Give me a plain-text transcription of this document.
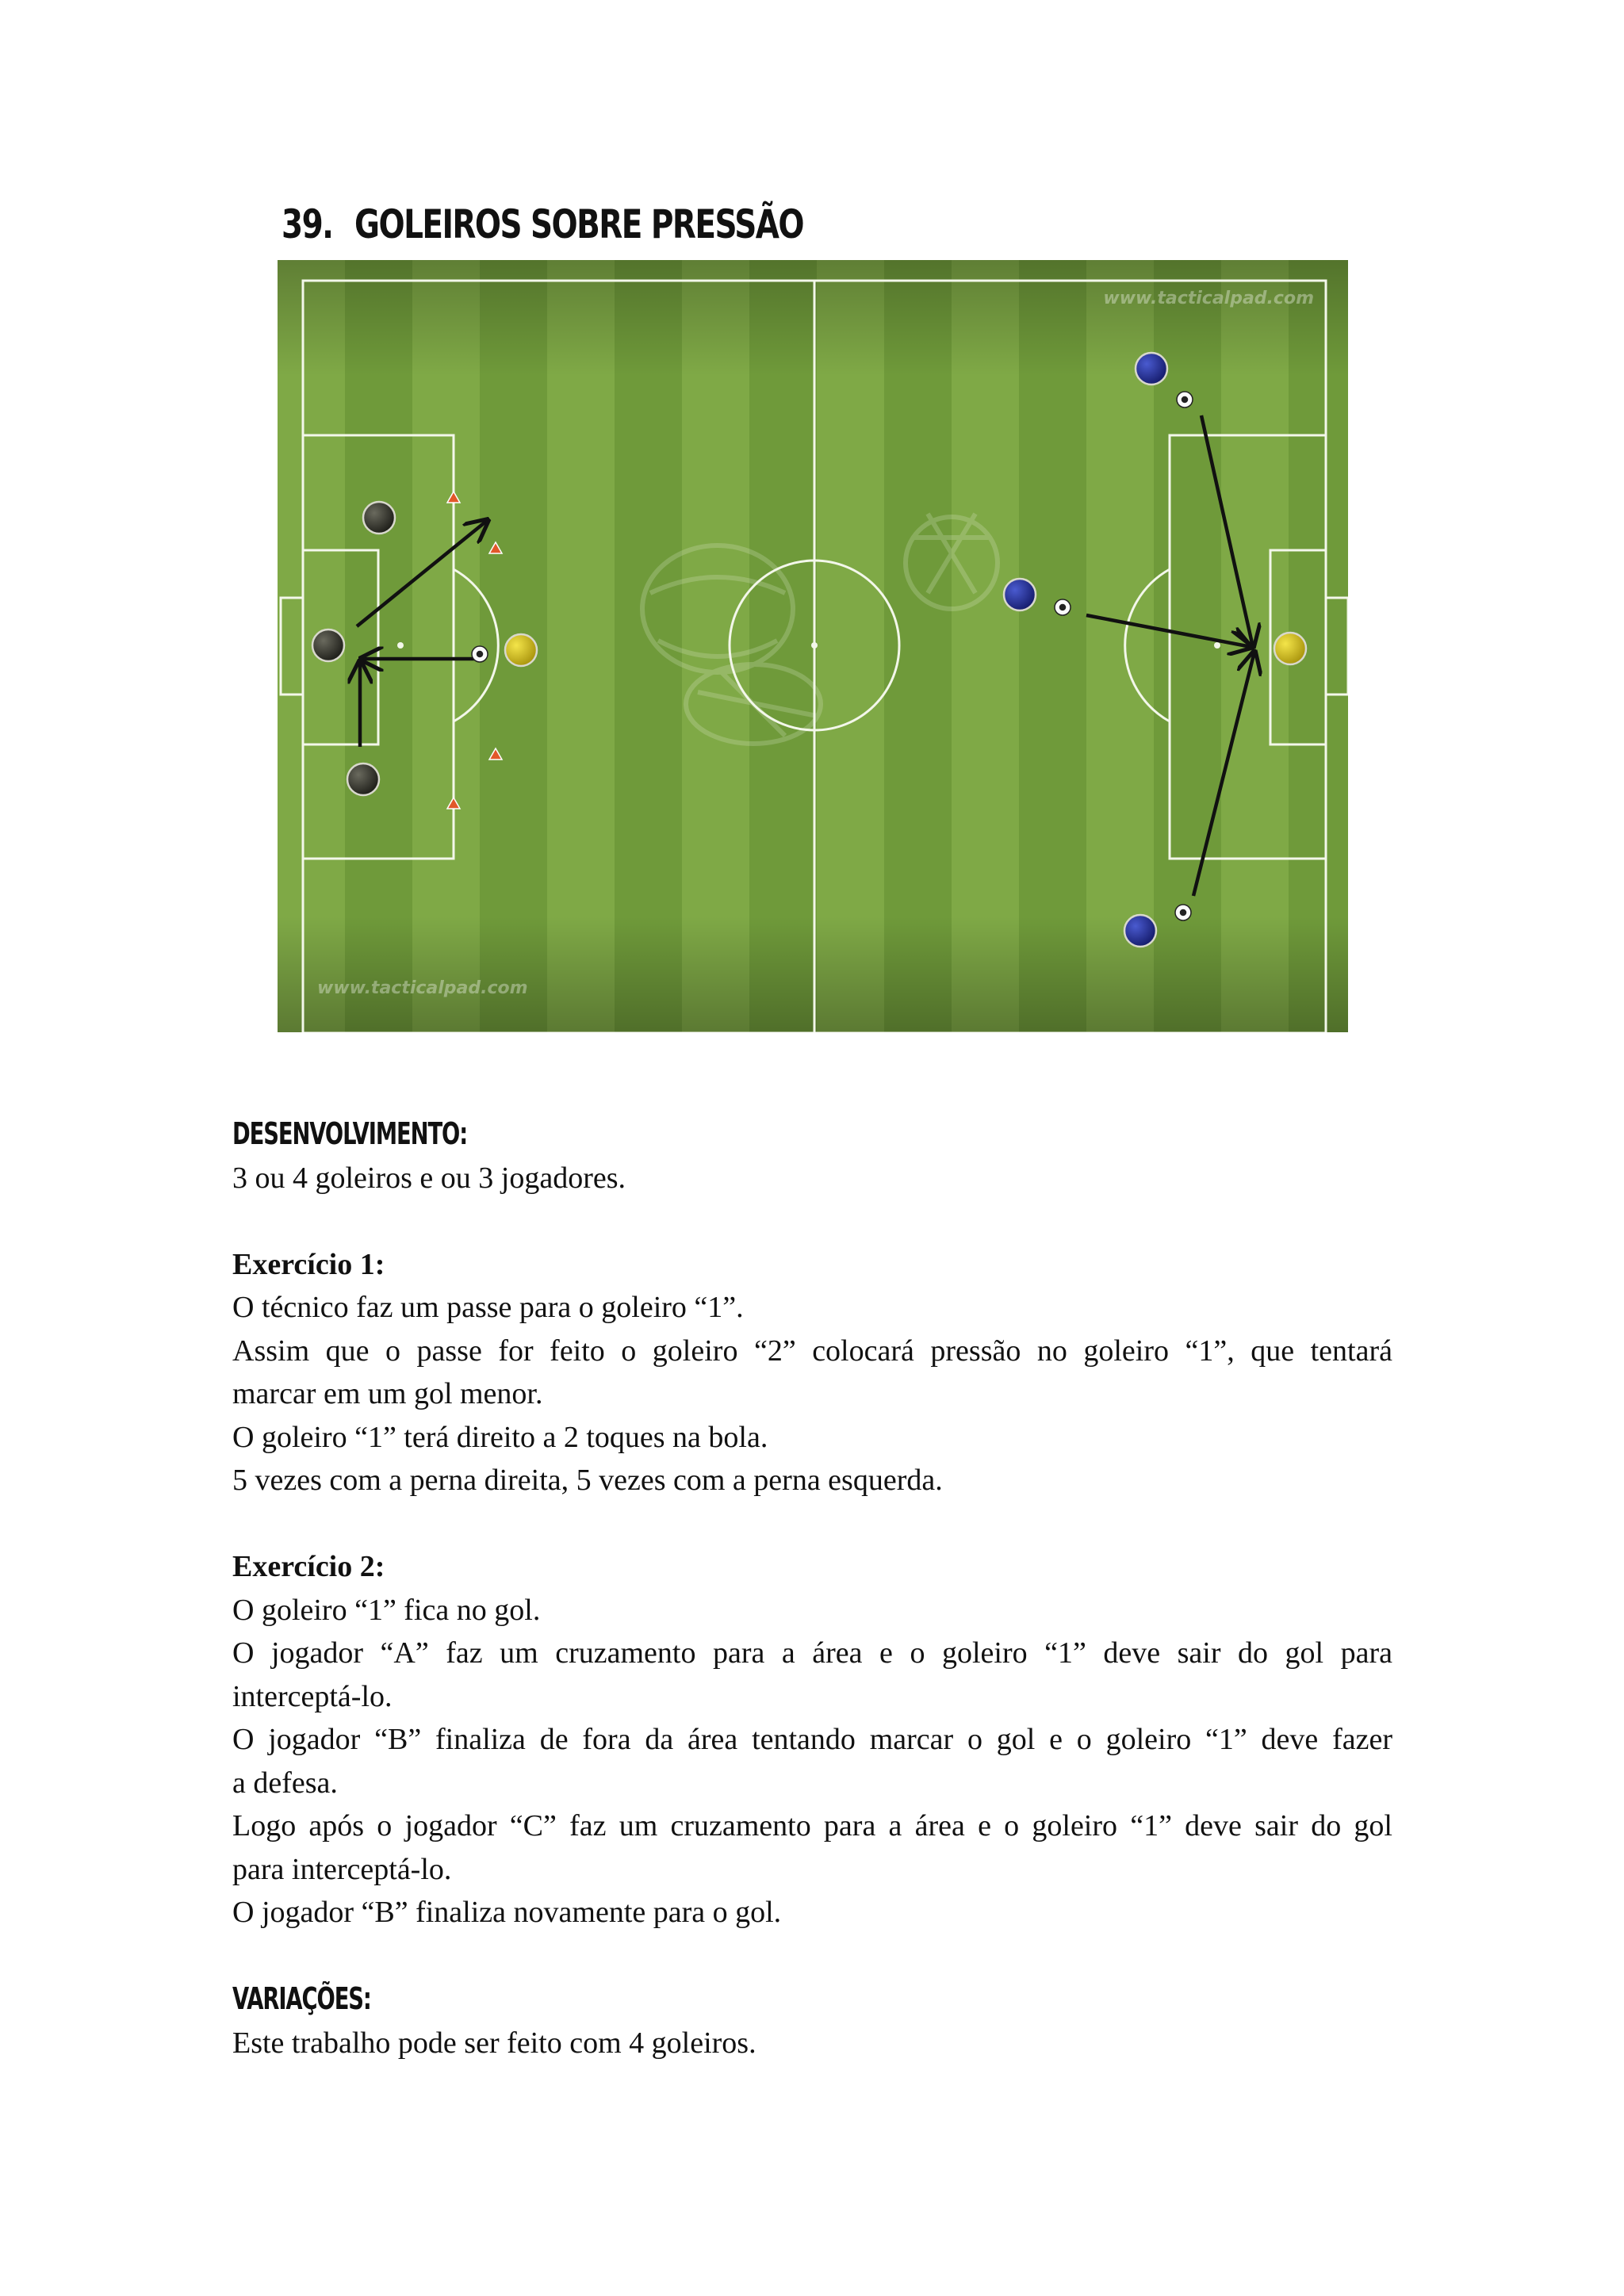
39. GOLEIROS SOBRE PRESSÃO
www.tacticalpad.com
www.tacticalpad.com

DESENVOLVIMENTO:

3 ou 4 goleiros e ou 3 jogadores.

Exercício 1:

O técnico faz um passe para o goleiro “1”.

Assim que o passe for feito o goleiro “2” colocará pressão no goleiro “1”, que tentará

marcar em um gol menor.

O goleiro “1” terá direito a 2 toques na bola.

5 vezes com a perna direita, 5 vezes com a perna esquerda.

Exercício 2:

O goleiro “1” fica no gol.

O jogador “A” faz um cruzamento para a área e o goleiro “1” deve sair do gol para

interceptá-lo.

O jogador “B” finaliza de fora da área tentando marcar o gol e o goleiro “1” deve fazer

a defesa.

Logo após o jogador “C” faz um cruzamento para a área e o goleiro “1” deve sair do gol

para interceptá-lo.

O jogador “B” finaliza novamente para o gol.

VARIAÇÕES:

Este trabalho pode ser feito com 4 goleiros.
